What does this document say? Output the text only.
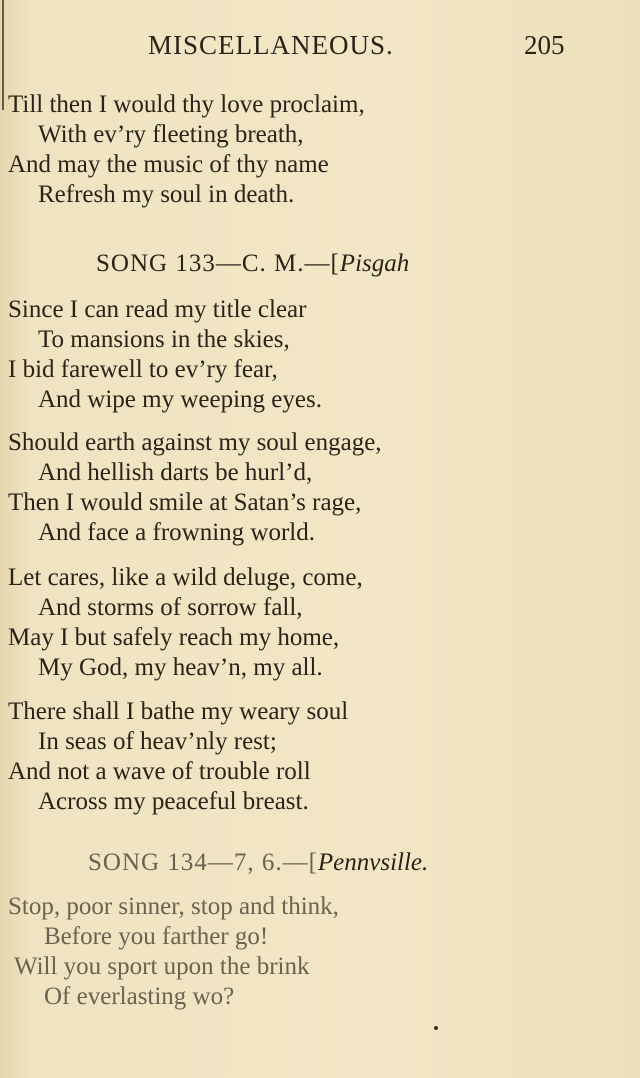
MISCELLANEOUS.	205
Till then I would thy love proclaim,
With ev’ry fleeting breath,
And may the music of thy name
Refresh my soul in death.
SONG 133—C. M.—[Pisgah
Since I can read my title clear
To mansions in the skies,
I bid farewell to ev’ry fear,
And wipe my weeping eyes.
Should earth against my soul engage,
And hellish darts be hurl’d,
Then I would smile at Satan’s rage,
And face a frowning world.
Let cares, like a wild deluge, come,
And storms of sorrow fall,
May I but safely reach my home,
My God, my heav’n, my all.
There shall I bathe my weary soul
In seas of heav’nly rest;
And not a wave of trouble roll
Across my peaceful breast.
SONG 134—7, 6.—[Pennvsille.
Stop, poor sinner, stop and think,
Before you farther go!
Will you sport upon the brink
Of everlasting wo?
